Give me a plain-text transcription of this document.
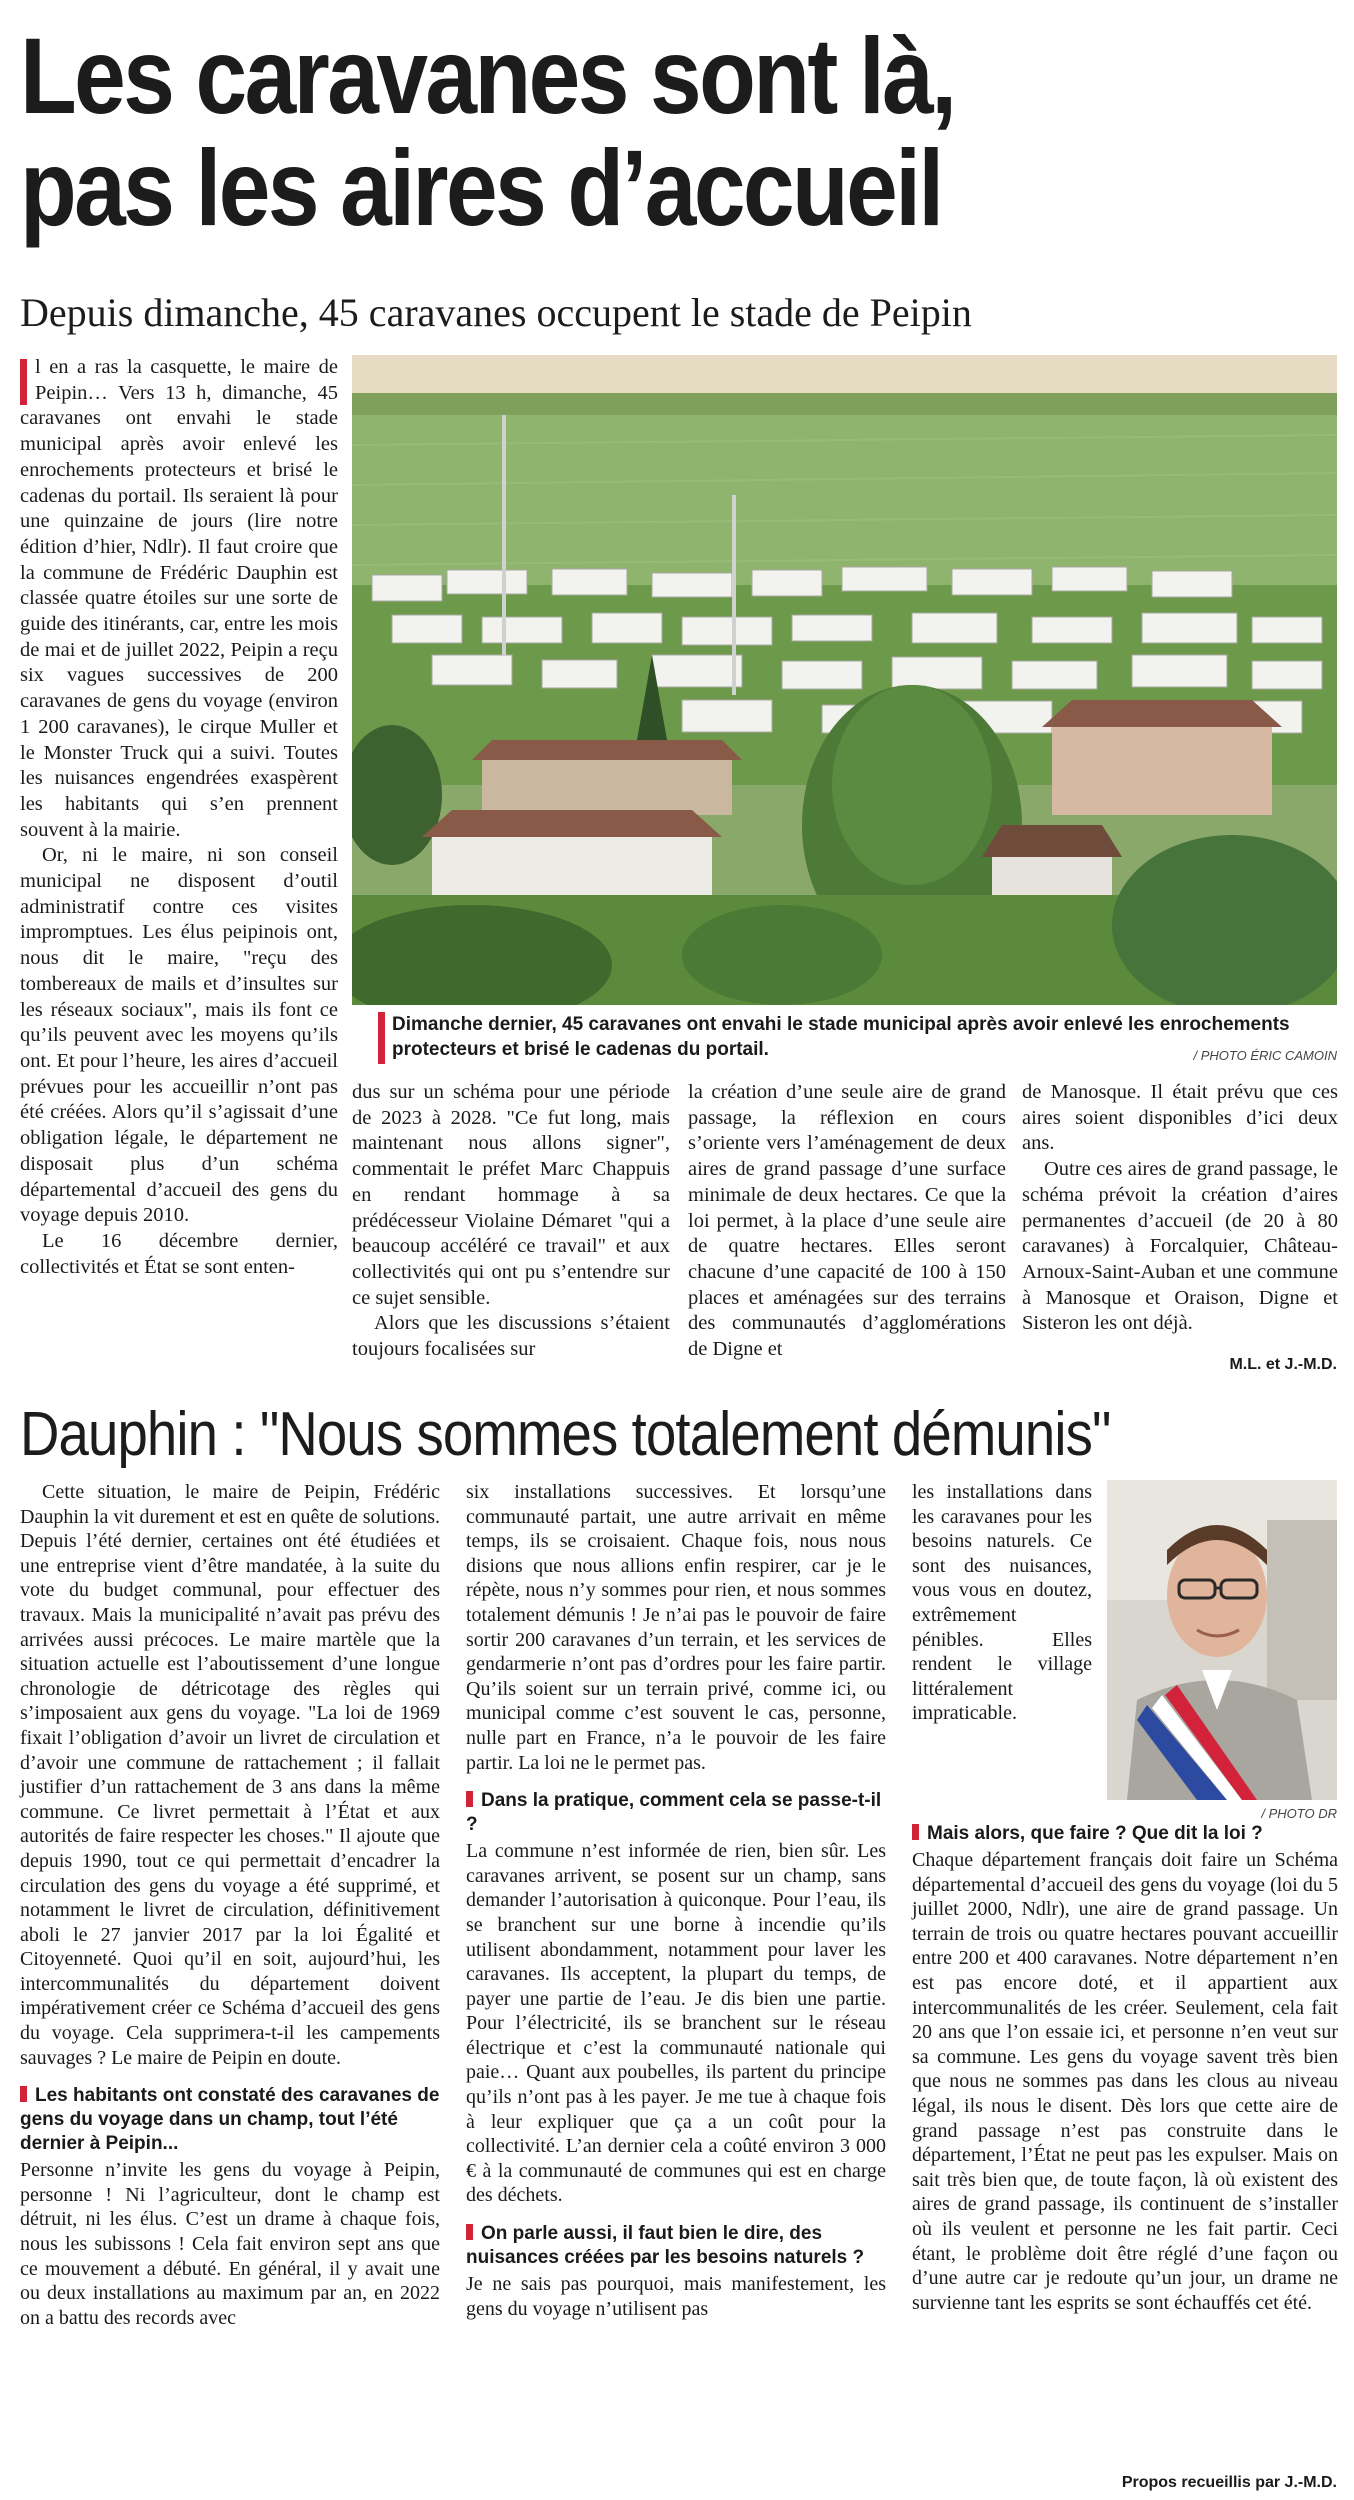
Les caravanes sont là,
pas les aires d’accueil
Depuis dimanche, 45 caravanes occupent le stade de Peipin

l en a ras la casquette, le maire de Peipin… Vers 13 h, dimanche, 45 caravanes ont envahi le stade municipal après avoir enlevé les enrochements protecteurs et brisé le cadenas du portail. Ils seraient là pour une quinzaine de jours (lire notre édition d’hier, Ndlr). Il faut croire que la commune de Frédéric Dauphin est classée quatre étoiles sur une sorte de guide des itinérants, car, entre les mois de mai et de juillet 2022, Peipin a reçu six vagues successives de 200 caravanes de gens du voyage (environ 1 200 caravanes), le cirque Muller et le Monster Truck qui a suivi. Toutes les nuisances engendrées exaspèrent les habitants qui s’en prennent souvent à la mairie.

Or, ni le maire, ni son conseil municipal ne disposent d’outil administratif contre ces visites impromptues. Les élus peipinois ont, nous dit le maire, "reçu des tombereaux de mails et d’insultes sur les réseaux sociaux", mais ils font ce qu’ils peuvent avec les moyens qu’ils ont. Et pour l’heure, les aires d’accueil prévues pour les accueillir n’ont pas été créées. Alors qu’il s’agissait d’une obligation légale, le département ne disposait plus d’un schéma départemental d’accueil des gens du voyage depuis 2010.

Le 16 décembre dernier, collectivités et État se sont enten-

Dimanche dernier, 45 caravanes ont envahi le stade municipal après avoir enlevé les enrochements protecteurs et brisé le cadenas du portail.	/ PHOTO ÉRIC CAMOIN

dus sur un schéma pour une période de 2023 à 2028. "Ce fut long, mais maintenant nous allons signer", commentait le préfet Marc Chappuis en rendant hommage à sa prédécesseur Violaine Démaret "qui a beaucoup accéléré ce travail" et aux collectivités qui ont pu s’entendre sur ce sujet sensible.

Alors que les discussions s’étaient toujours focalisées sur

la création d’une seule aire de grand passage, la réflexion en cours s’oriente vers l’aménagement de deux aires de grand passage d’une surface minimale de deux hectares. Ce que la loi permet, à la place d’une seule aire de quatre hectares. Elles seront chacune d’une capacité de 100 à 150 places et aménagées sur des terrains des communautés d’agglomérations de Digne et

de Manosque. Il était prévu que ces aires soient disponibles d’ici deux ans.

Outre ces aires de grand passage, le schéma prévoit la création d’aires permanentes d’accueil (de 20 à 80 caravanes) à Forcalquier, Château-Arnoux-Saint-Auban et une commune à Manosque et Oraison, Digne et Sisteron les ont déjà.

M.L. et J.-M.D.
Dauphin : "Nous sommes totalement démunis"

Cette situation, le maire de Peipin, Frédéric Dauphin la vit durement et est en quête de solutions. Depuis l’été dernier, certaines ont été étudiées et une entreprise vient d’être mandatée, à la suite du vote du budget communal, pour effectuer des travaux. Mais la municipalité n’avait pas prévu des arrivées aussi précoces. Le maire martèle que la situation actuelle est l’aboutissement d’une longue chronologie de détricotage des règles qui s’imposaient aux gens du voyage. "La loi de 1969 fixait l’obligation d’avoir un livret de circulation et d’avoir une commune de rattachement ; il fallait justifier d’un rattachement de 3 ans dans la même commune. Ce livret permettait à l’État et aux autorités de faire respecter les choses." Il ajoute que depuis 1990, tout ce qui permettait d’encadrer la circulation des gens du voyage a été supprimé, et notamment le livret de circulation, définitivement aboli le 27 janvier 2017 par la loi Égalité et Citoyenneté. Quoi qu’il en soit, aujourd’hui, les intercommunalités du département doivent impérativement créer ce Schéma d’accueil des gens du voyage. Cela supprimera-t-il les campements sauvages ? Le maire de Peipin en doute.

Les habitants ont constaté des caravanes de gens du voyage dans un champ, tout l’été dernier à Peipin...

Personne n’invite les gens du voyage à Peipin, personne ! Ni l’agriculteur, dont le champ est détruit, ni les élus. C’est un drame à chaque fois, nous les subissons ! Cela fait environ sept ans que ce mouvement a débuté. En général, il y avait une ou deux installations au maximum par an, en 2022 on a battu des records avec

six installations successives. Et lorsqu’une communauté partait, une autre arrivait en même temps, ils se croisaient. Chaque fois, nous nous disions que nous allions enfin respirer, car je le répète, nous n’y sommes pour rien, et nous sommes totalement démunis ! Je n’ai pas le pouvoir de faire sortir 200 caravanes d’un terrain, et les services de gendarmerie n’ont pas d’ordres pour les faire partir. Qu’ils soient sur un terrain privé, comme ici, ou municipal comme c’est souvent le cas, personne, nulle part en France, n’a le pouvoir de les faire partir. La loi ne le permet pas.

Dans la pratique, comment cela se passe-t-il ?

La commune n’est informée de rien, bien sûr. Les caravanes arrivent, se posent sur un champ, sans demander l’autorisation à quiconque. Pour l’eau, ils se branchent sur une borne à incendie qu’ils utilisent abondamment, notamment pour laver les caravanes. Ils acceptent, la plupart du temps, de payer une partie de l’eau. Je dis bien une partie. Pour l’électricité, ils se branchent sur le réseau électrique et c’est la communauté nationale qui paie… Quant aux poubelles, ils partent du principe qu’ils n’ont pas à les payer. Je me tue à chaque fois à leur expliquer que ça a un coût pour la collectivité. L’an dernier cela a coûté environ 3 000 € à la communauté de communes qui est en charge des déchets.

On parle aussi, il faut bien le dire, des nuisances créées par les besoins naturels ?

Je ne sais pas pourquoi, mais manifestement, les gens du voyage n’utilisent pas

les installations dans les caravanes pour les besoins naturels. Ce sont des nuisances, vous vous en doutez, extrêmement pénibles. Elles rendent le village littéralement impraticable.

/ PHOTO DR
Mais alors, que faire ? Que dit la loi ?

Chaque département français doit faire un Schéma départemental d’accueil des gens du voyage (loi du 5 juillet 2000, Ndlr), une aire de grand passage. Un terrain de trois ou quatre hectares pouvant accueillir entre 200 et 400 caravanes. Notre département n’en est pas encore doté, et il appartient aux intercommunalités de les créer. Seulement, cela fait 20 ans que l’on essaie ici, et personne n’en veut sur sa commune. Les gens du voyage savent très bien que nous ne sommes pas dans les clous au niveau légal, ils nous le disent. Dès lors que cette aire de grand passage n’est pas construite dans le département, l’État ne peut pas les expulser. Mais on sait très bien que, de toute façon, là où existent des aires de grand passage, ils continuent de s’installer où ils veulent et personne ne les fait partir. Ceci étant, le problème doit être réglé d’une façon ou d’une autre car je redoute qu’un jour, un drame ne survienne tant les esprits se sont échauffés cet été.

Propos recueillis par J.-M.D.
